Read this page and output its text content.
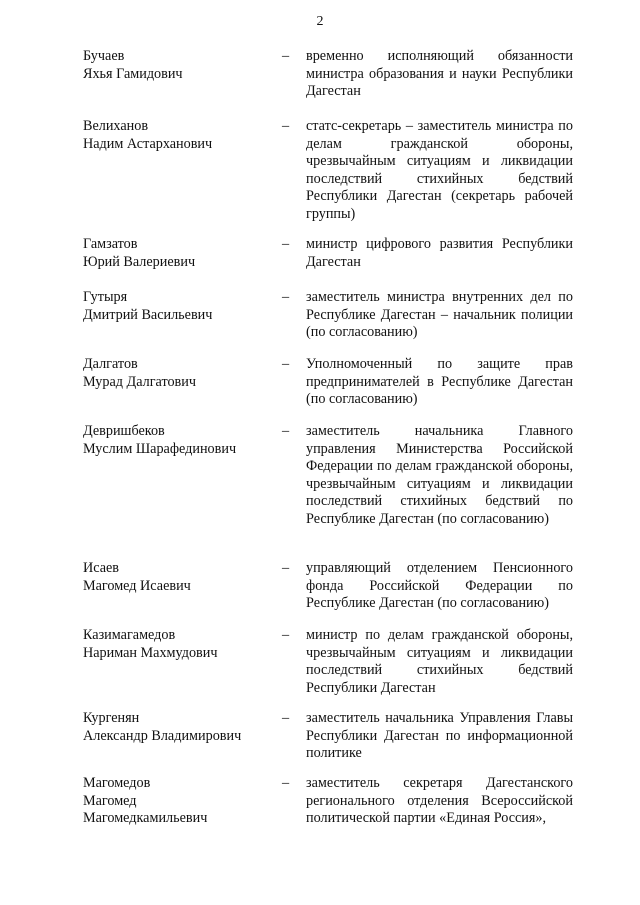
2
Бучаев
Яхья Гамидович
– временно исполняющий обязанности министра образования и науки Республики Дагестан
Велиханов
Надим Астарханович
– статс-секретарь – заместитель министра по делам гражданской обороны, чрезвычайным ситуациям и ликвидации последствий стихийных бедствий Республики Дагестан (секретарь рабочей группы)
Гамзатов
Юрий Валериевич
– министр цифрового развития Республики Дагестан
Гутыря
Дмитрий Васильевич
– заместитель министра внутренних дел по Республике Дагестан – начальник полиции (по согласованию)
Далгатов
Мурад Далгатович
– Уполномоченный по защите прав предпринимателей в Республике Дагестан (по согласованию)
Девришбеков
Муслим Шарафединович
– заместитель начальника Главного управления Министерства Российской Федерации по делам гражданской обороны, чрезвычайным ситуациям и ликвидации последствий стихийных бедствий по Республике Дагестан (по согласованию)
Исаев
Магомед Исаевич
– управляющий отделением Пенсионного фонда Российской Федерации по Республике Дагестан (по согласованию)
Казимагамедов
Нариман Махмудович
– министр по делам гражданской обороны, чрезвычайным ситуациям и ликвидации последствий стихийных бедствий Республики Дагестан
Кургенян
Александр Владимирович
– заместитель начальника Управления Главы Республики Дагестан по информационной политике
Магомедов
Магомед
Магомедкамильевич
– заместитель секретаря Дагестанского регионального отделения Всероссийской политической партии «Единая Россия»,
